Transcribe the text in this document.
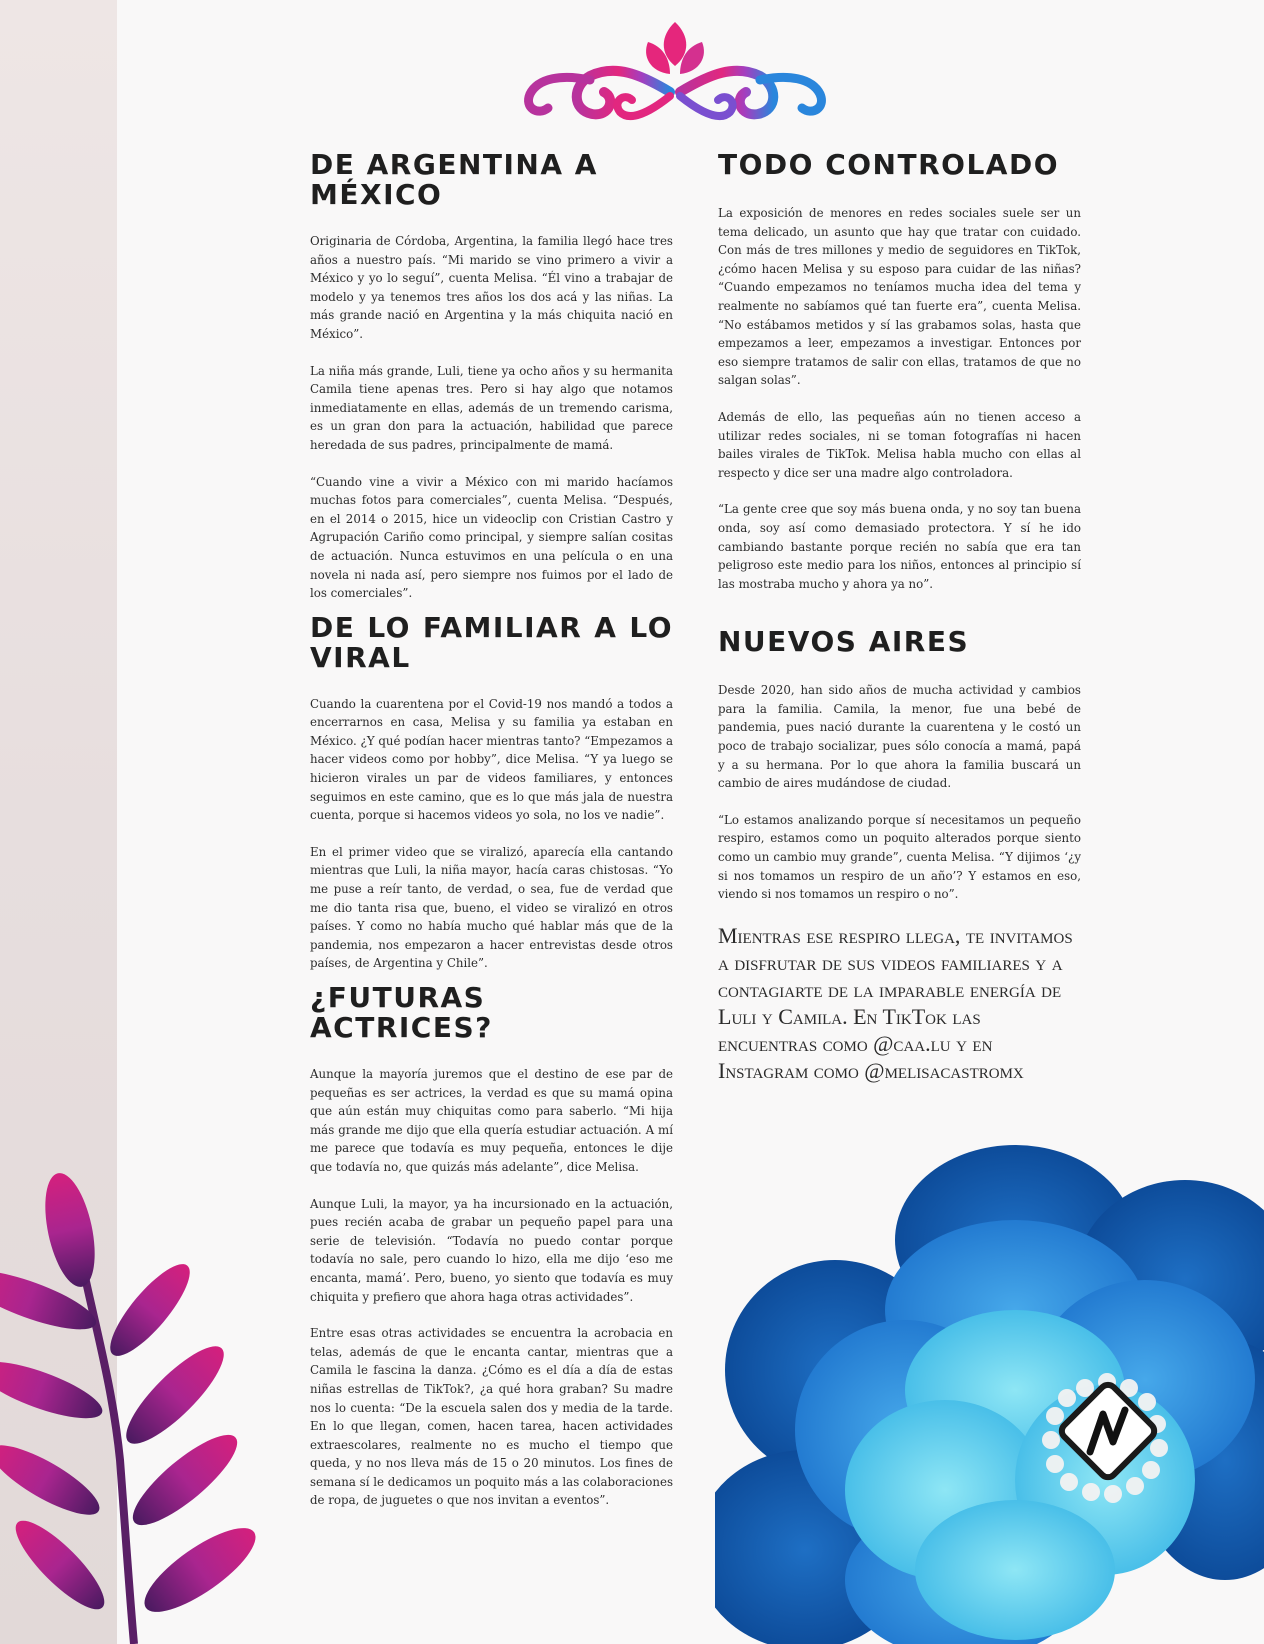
DE ARGENTINA A MÉXICO

Originaria de Córdoba, Argentina, la familia llegó hace tres años a nuestro país. “Mi marido se vino primero a vivir a México y yo lo seguí”, cuenta Melisa. “Él vino a trabajar de modelo y ya tenemos tres años los dos acá y las niñas. La más grande nació en Argentina y la más chiquita nació en México”.

La niña más grande, Luli, tiene ya ocho años y su hermanita Camila tiene apenas tres. Pero si hay algo que notamos inmediatamente en ellas, además de un tremendo carisma, es un gran don para la actuación, habilidad que parece heredada de sus padres, principalmente de mamá.

“Cuando vine a vivir a México con mi marido hacíamos muchas fotos para comerciales”, cuenta Melisa. “Después, en el 2014 o 2015, hice un videoclip con Cristian Castro y Agrupación Cariño como principal, y siempre salían cositas de actuación. Nunca estuvimos en una película o en una novela ni nada así, pero siempre nos fuimos por el lado de los comerciales”.

DE LO FAMILIAR A LO VIRAL

Cuando la cuarentena por el Covid-19 nos mandó a todos a encerrarnos en casa, Melisa y su familia ya estaban en México. ¿Y qué podían hacer mientras tanto? “Empezamos a hacer videos como por hobby”, dice Melisa. “Y ya luego se hicieron virales un par de videos familiares, y entonces seguimos en este camino, que es lo que más jala de nuestra cuenta, porque si hacemos videos yo sola, no los ve nadie”.

En el primer video que se viralizó, aparecía ella cantando mientras que Luli, la niña mayor, hacía caras chistosas. “Yo me puse a reír tanto, de verdad, o sea, fue de verdad que me dio tanta risa que, bueno, el video se viralizó en otros países. Y como no había mucho qué hablar más que de la pandemia, nos empezaron a hacer entrevistas desde otros países, de Argentina y Chile”.

¿FUTURAS ACTRICES?

Aunque la mayoría juremos que el destino de ese par de pequeñas es ser actrices, la verdad es que su mamá opina que aún están muy chiquitas como para saberlo. “Mi hija más grande me dijo que ella quería estudiar actuación. A mí me parece que todavía es muy pequeña, entonces le dije que todavía no, que quizás más adelante”, dice Melisa.

Aunque Luli, la mayor, ya ha incursionado en la actuación, pues recién acaba de grabar un pequeño papel para una serie de televisión. “Todavía no puedo contar porque todavía no sale, pero cuando lo hizo, ella me dijo ‘eso me encanta, mamá’. Pero, bueno, yo siento que todavía es muy chiquita y prefiero que ahora haga otras actividades”.

Entre esas otras actividades se encuentra la acrobacia en telas, además de que le encanta cantar, mientras que a Camila le fascina la danza. ¿Cómo es el día a día de estas niñas estrellas de TikTok?, ¿a qué hora graban? Su madre nos lo cuenta: “De la escuela salen dos y media de la tarde. En lo que llegan, comen, hacen tarea, hacen actividades extraescolares, realmente no es mucho el tiempo que queda, y no nos lleva más de 15 o 20 minutos. Los fines de semana sí le dedicamos un poquito más a las colaboraciones de ropa, de juguetes o que nos invitan a eventos”.

TODO CONTROLADO

La exposición de menores en redes sociales suele ser un tema delicado, un asunto que hay que tratar con cuidado. Con más de tres millones y medio de seguidores en TikTok, ¿cómo hacen Melisa y su esposo para cuidar de las niñas? “Cuando empezamos no teníamos mucha idea del tema y realmente no sabíamos qué tan fuerte era”, cuenta Melisa. “No estábamos metidos y sí las grabamos solas, hasta que empezamos a leer, empezamos a investigar. Entonces por eso siempre tratamos de salir con ellas, tratamos de que no salgan solas”.

Además de ello, las pequeñas aún no tienen acceso a utilizar redes sociales, ni se toman fotografías ni hacen bailes virales de TikTok. Melisa habla mucho con ellas al respecto y dice ser una madre algo controladora.

“La gente cree que soy más buena onda, y no soy tan buena onda, soy así como demasiado protectora. Y sí he ido cambiando bastante porque recién no sabía que era tan peligroso este medio para los niños, entonces al principio sí las mostraba mucho y ahora ya no”.

NUEVOS AIRES

Desde 2020, han sido años de mucha actividad y cambios para la familia. Camila, la menor, fue una bebé de pandemia, pues nació durante la cuarentena y le costó un poco de trabajo socializar, pues sólo conocía a mamá, papá y a su hermana. Por lo que ahora la familia buscará un cambio de aires mudándose de ciudad.

“Lo estamos analizando porque sí necesitamos un pequeño respiro, estamos como un poquito alterados porque siento como un cambio muy grande”, cuenta Melisa. “Y dijimos ‘¿y si nos tomamos un respiro de un año’? Y estamos en eso, viendo si nos tomamos un respiro o no”.

Mientras ese respiro llega, te invitamos a disfrutar de sus videos familiares y a contagiarte de la imparable energía de Luli y Camila. En TikTok las encuentras como @caa.lu y en Instagram como @melisacastromx
